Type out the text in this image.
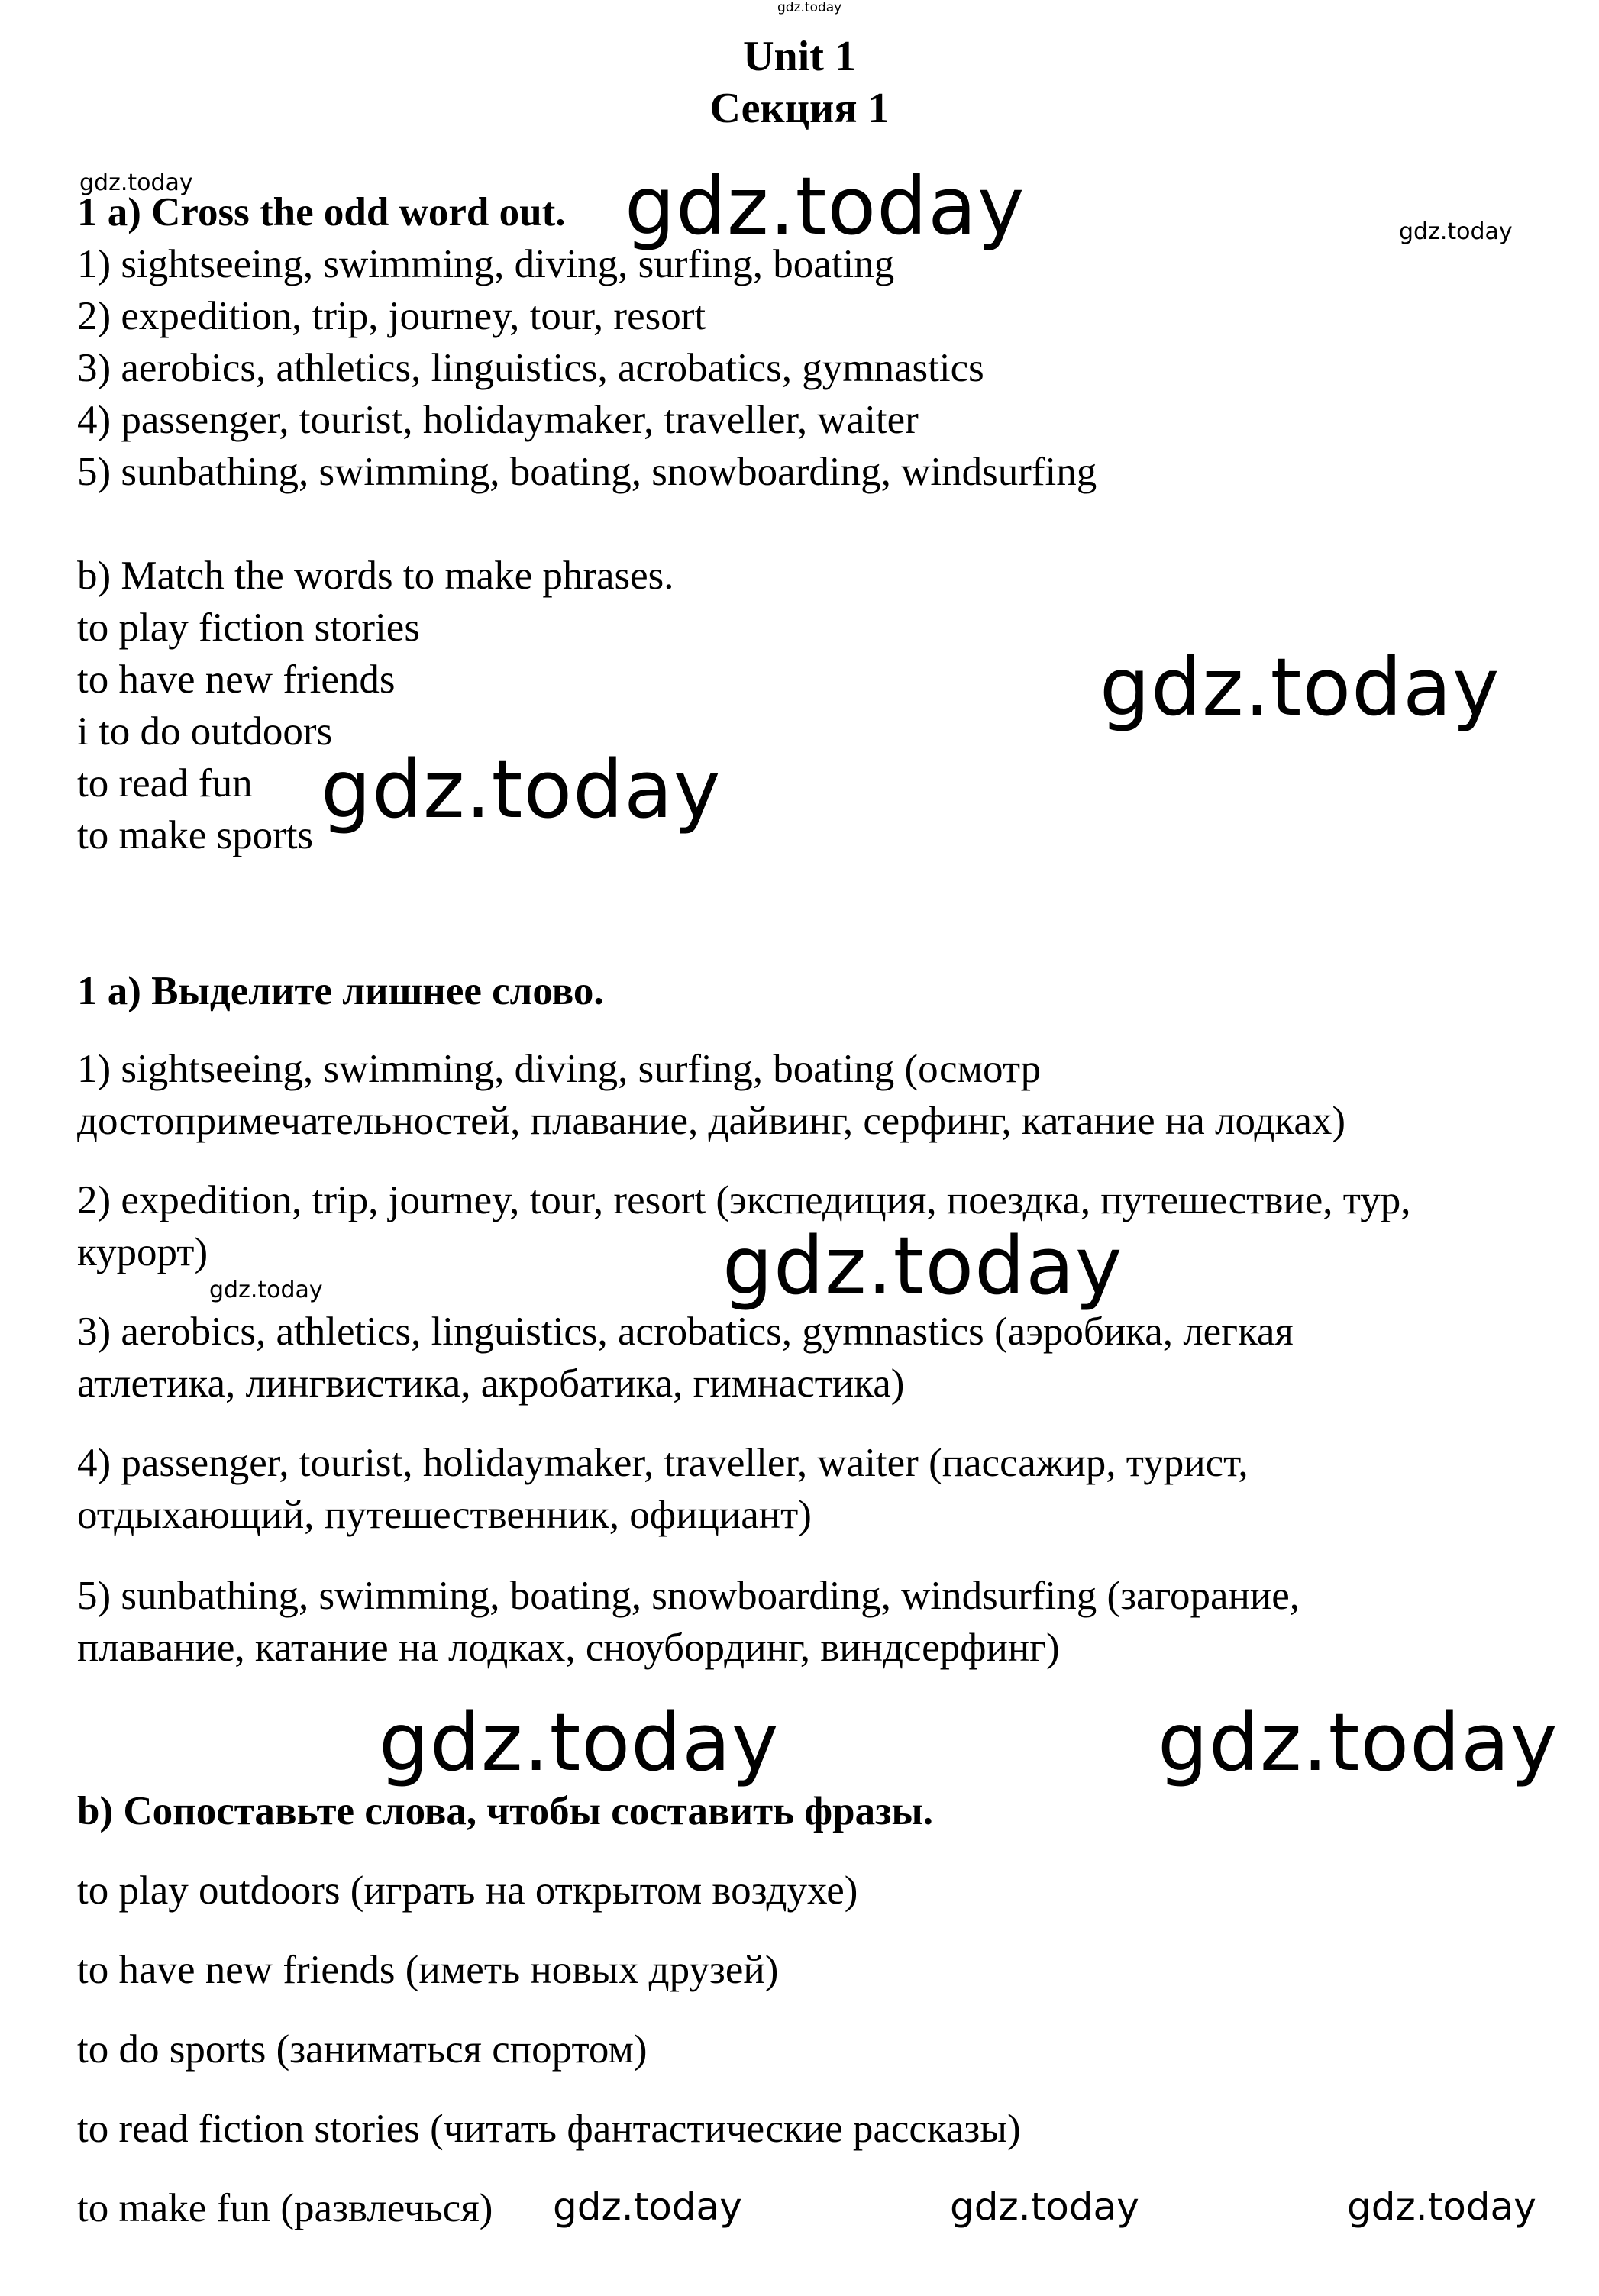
gdz.today
Unit 1
Секция 1
gdz.today
1 a) Cross the odd word out. gdz.today	gdz.today
1) sightseeing, swimming, diving, surfing, boating
2) expedition, trip, journey, tour, resort
3) aerobics, athletics, linguistics, acrobatics, gymnastics
4) passenger, tourist, holidaymaker, traveller, waiter
5) sunbathing, swimming, boating, snowboarding, windsurfing
b) Match the words to make phrases.
to play fiction stories
to have new friends	gdz.today
i to do outdoors
to read fun gdz.today
to make sports
1 а) Выделите лишнее слово.
1) sightseeing, swimming, diving, surfing, boating (осмотр
достопримечательностей, плавание, дайвинг, серфинг, катание на лодках)
2) expedition, trip, journey, tour, resort (экспедиция, поездка, путешествие, тур,
курорт)	gdz.today
gdz.today
3) aerobics, athletics, linguistics, acrobatics, gymnastics (аэробика, легкая
атлетика, лингвистика, акробатика, гимнастика)
4) passenger, tourist, holidaymaker, traveller, waiter (пассажир, турист,
отдыхающий, путешественник, официант)
5) sunbathing, swimming, boating, snowboarding, windsurfing (загорание,
плавание, катание на лодках, сноубординг, виндсерфинг)
gdz.today	gdz.today
b) Сопоставьте слова, чтобы составить фразы.
to play outdoors (играть на открытом воздухе)
to have new friends (иметь новых друзей)
to do sports (заниматься спортом)
to read fiction stories (читать фантастические рассказы)
to make fun (развлечься) gdz.today	gdz.today	gdz.today
